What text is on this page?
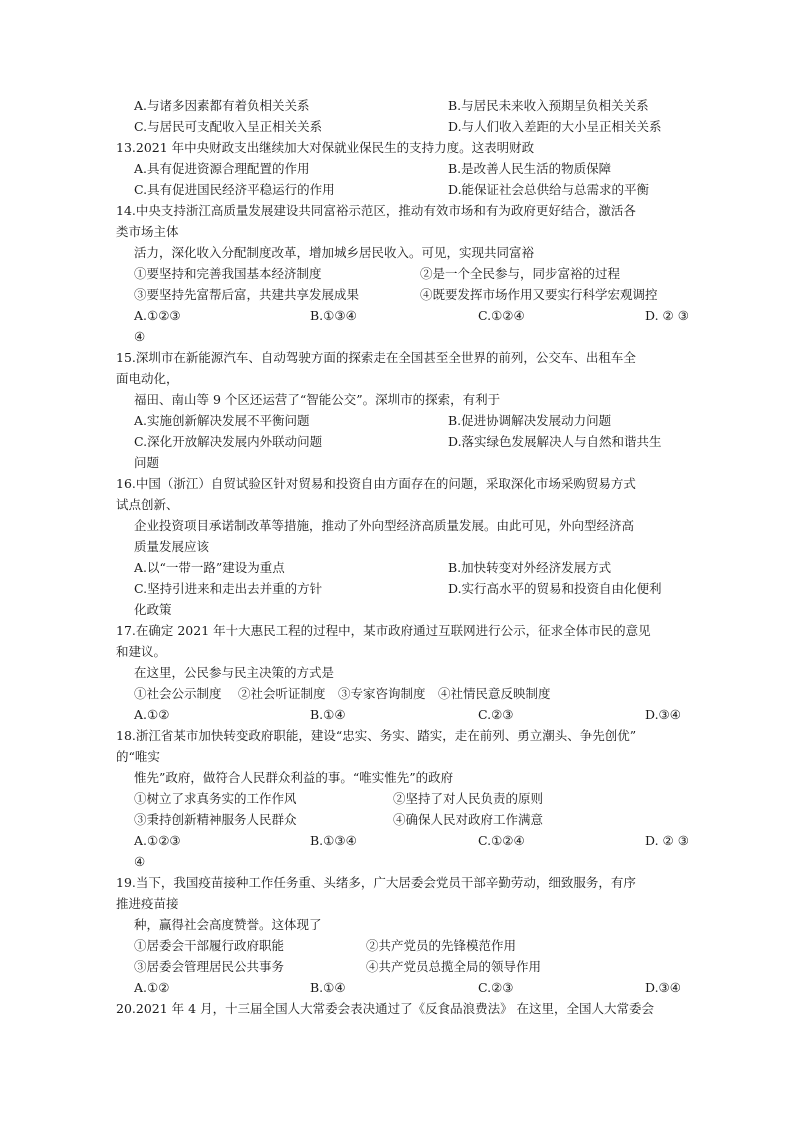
A.与诸多因素都有着负相关关系	B.与居民未来收入预期呈负相关关系
C.与居民可支配收入呈正相关关系	D.与人们收入差距的大小呈正相关关系
13.2021 年中央财政支出继续加大对保就业保民生的支持力度。这表明财政
A.具有促进资源合理配置的作用	B.是改善人民生活的物质保障
C.具有促进国民经济平稳运行的作用	D.能保证社会总供给与总需求的平衡
14.中央支持浙江高质量发展建设共同富裕示范区，推动有效市场和有为政府更好结合，激活各
类市场主体
活力，深化收入分配制度改革，增加城乡居民收入。可见，实现共同富裕
①要坚持和完善我国基本经济制度	②是一个全民参与，同步富裕的过程
③要坚持先富帮后富，共建共享发展成果	④既要发挥市场作用又要实行科学宏观调控
A.①②③	B.①③④	C.①②④	D. ② ③
④
15.深圳市在新能源汽车、自动驾驶方面的探索走在全国甚至全世界的前列，公交车、出租车全
面电动化，
福田、南山等 9 个区还运营了“智能公交”。深圳市的探索，有利于
A.实施创新解决发展不平衡问题	B.促进协调解决发展动力问题
C.深化开放解决发展内外联动问题	D.落实绿色发展解决人与自然和谐共生
问题
16.中国（浙江）自贸试验区针对贸易和投资自由方面存在的问题，采取深化市场采购贸易方式
试点创新、
企业投资项目承诺制改革等措施，推动了外向型经济高质量发展。由此可见，外向型经济高
质量发展应该
A.以“一带一路”建设为重点	B.加快转变对外经济发展方式
C.坚持引进来和走出去并重的方针	D.实行高水平的贸易和投资自由化便利
化政策
17.在确定 2021 年十大惠民工程的过程中，某市政府通过互联网进行公示，征求全体市民的意见
和建议。
在这里，公民参与民主决策的方式是
①社会公示制度　 ②社会听证制度　③专家咨询制度　④社情民意反映制度
A.①②	B.①④	C.②③	D.③④
18.浙江省某市加快转变政府职能，建设“忠实、务实、踏实，走在前列、勇立潮头、争先创优”
的“唯实
惟先”政府，做符合人民群众利益的事。“唯实惟先”的政府
①树立了求真务实的工作作风	②坚持了对人民负责的原则
③秉持创新精神服务人民群众	④确保人民对政府工作满意
A.①②③	B.①③④	C.①②④	D. ② ③
④
19.当下，我国疫苗接种工作任务重、头绪多，广大居委会党员干部辛勤劳动，细致服务，有序
推进疫苗接
种，赢得社会高度赞誉。这体现了
①居委会干部履行政府职能	②共产党员的先锋模范作用
③居委会管理居民公共事务	④共产党员总揽全局的领导作用
A.①②	B.①④	C.②③	D.③④
20.2021 年 4 月，十三届全国人大常委会表决通过了《反食品浪费法》 在这里，全国人大常委会
